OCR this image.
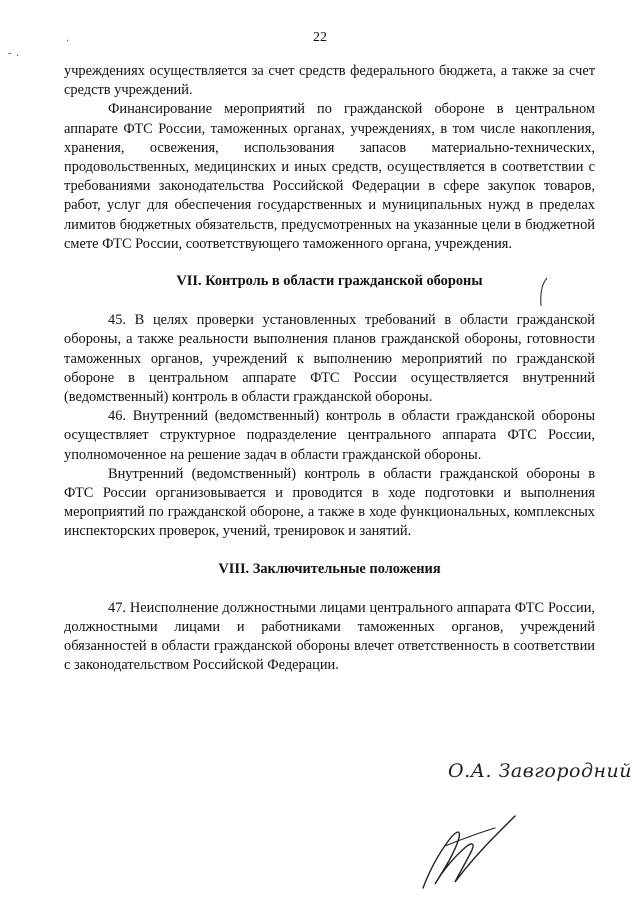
·
-  .
22

учреждениях осуществляется за счет средств федерального бюджета, а также за счет средств учреждений.

Финансирование мероприятий по гражданской обороне в центральном аппарате ФТС России, таможенных органах, учреждениях, в том числе накопления, хранения, освежения, использования запасов материально-технических, продовольственных, медицинских и иных средств, осуществляется в соответствии с требованиями законодательства Российской Федерации в сфере закупок товаров, работ, услуг для обеспечения государственных и муниципальных нужд в пределах лимитов бюджетных обязательств, предусмотренных на указанные цели в бюджетной смете ФТС России, соответствующего таможенного органа, учреждения.

VII. Контроль в области гражданской обороны

45. В целях проверки установленных требований в области гражданской обороны, а также реальности выполнения планов гражданской обороны, готовности таможенных органов, учреждений к выполнению мероприятий по гражданской обороне в центральном аппарате ФТС России осуществляется внутренний (ведомственный) контроль в области гражданской обороны.

46. Внутренний (ведомственный) контроль в области гражданской обороны осуществляет структурное подразделение центрального аппарата ФТС России, уполномоченное на решение задач в области гражданской обороны.

Внутренний (ведомственный) контроль в области гражданской обороны в ФТС России организовывается и проводится в ходе подготовки и выполнения мероприятий по гражданской обороне, а также в ходе функциональных, комплексных инспекторских проверок, учений, тренировок и занятий.

VIII. Заключительные положения

47. Неисполнение должностными лицами центрального аппарата ФТС России, должностными лицами и работниками таможенных органов, учреждений обязанностей в области гражданской обороны влечет ответственность в соответствии с законодательством Российской Федерации.

О.А. Завгородний
